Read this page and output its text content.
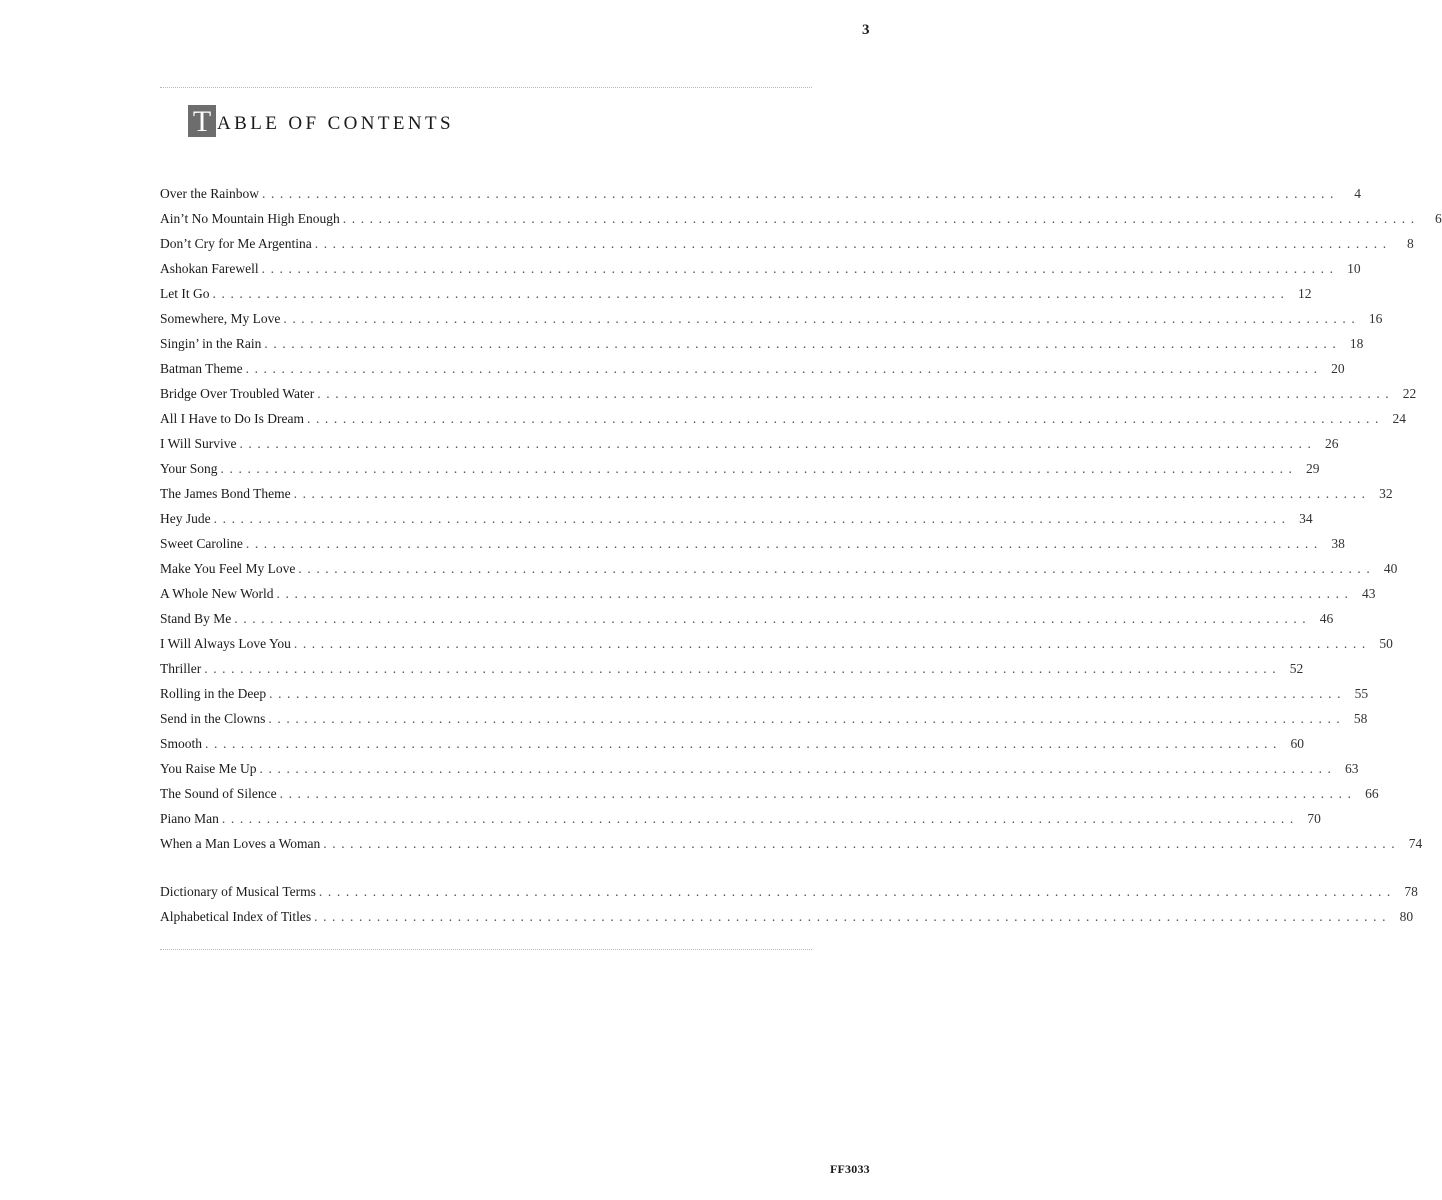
3
T ABLE OF CONTENTS
Over the Rainbow ........................................................................................................................	4
Ain’t No Mountain High Enough ........................................................................................................................	6
Don’t Cry for Me Argentina ........................................................................................................................	8
Ashokan Farewell ........................................................................................................................ 10
Let It Go ........................................................................................................................ 12
Somewhere, My Love ........................................................................................................................ 16
Singin’ in the Rain ........................................................................................................................ 18
Batman Theme ........................................................................................................................ 20
Bridge Over Troubled Water ........................................................................................................................ 22
All I Have to Do Is Dream ........................................................................................................................ 24
I Will Survive ........................................................................................................................ 26
Your Song ........................................................................................................................ 29
The James Bond Theme ........................................................................................................................ 32
Hey Jude ........................................................................................................................ 34
Sweet Caroline ........................................................................................................................ 38
Make You Feel My Love ........................................................................................................................ 40
A Whole New World ........................................................................................................................ 43
Stand By Me ........................................................................................................................ 46
I Will Always Love You ........................................................................................................................ 50
Thriller ........................................................................................................................ 52
Rolling in the Deep ........................................................................................................................ 55
Send in the Clowns ........................................................................................................................ 58
Smooth ........................................................................................................................ 60
You Raise Me Up ........................................................................................................................ 63
The Sound of Silence ........................................................................................................................ 66
Piano Man ........................................................................................................................ 70
When a Man Loves a Woman ........................................................................................................................ 74
Dictionary of Musical Terms ........................................................................................................................ 78
Alphabetical Index of Titles ........................................................................................................................ 80
FF3033
